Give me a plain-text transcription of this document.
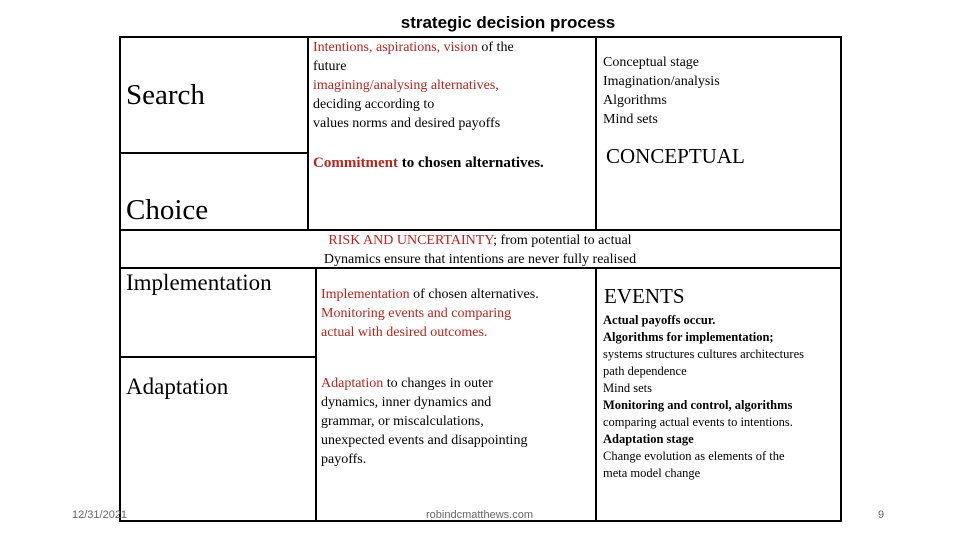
strategic decision process
Search
Choice
Implementation
Adaptation
Intentions, aspirations, vision of the
future
imagining/analysing alternatives,
deciding according to
values norms and desired payoffs
Commitment to chosen alternatives.
Conceptual stage
Imagination/analysis
Algorithms
Mind sets
CONCEPTUAL
RISK AND UNCERTAINTY; from potential to actual
Dynamics ensure that intentions are never fully realised
Implementation of chosen alternatives.
Monitoring events and comparing
actual with desired outcomes.
Adaptation to changes in outer
dynamics, inner dynamics and
grammar, or miscalculations,
unexpected events and disappointing
payoffs.
EVENTS
Actual payoffs occur.
Algorithms for implementation;
systems structures cultures architectures
path dependence
Mind sets
Monitoring and control, algorithms
comparing actual events to intentions.
Adaptation stage
Change evolution as elements of the
meta model change
12/31/2021	robindcmatthews.com	9
